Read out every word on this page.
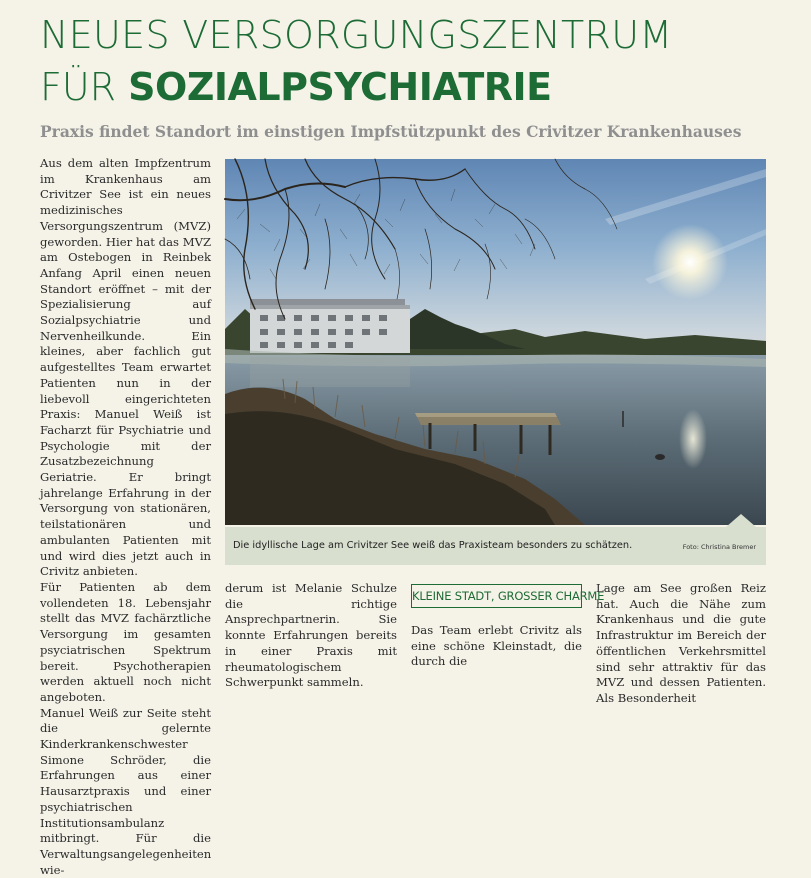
NEUES VERSORGUNGSZENTRUM
FÜR SOZIALPSYCHIATRIE
Praxis findet Standort im einstigen Impfstützpunkt des Crivitzer Krankenhauses

Aus dem alten Impfzentrum im Krankenhaus am Crivitzer See ist ein neues medizinisches Versorgungszentrum (MVZ) geworden. Hier hat das MVZ am Ostebogen in Reinbek Anfang April einen neuen Standort eröffnet – mit der Spezialisierung auf Sozialpsychiatrie und Nervenheilkunde. Ein kleines, aber fachlich gut aufgestelltes Team erwartet Patienten nun in der liebevoll eingerichteten Praxis: Manuel Weiß ist Facharzt für Psychiatrie und Psychologie mit der Zusatzbezeichnung Geriatrie. Er bringt jahrelange Erfahrung in der Versorgung von stationären, teilstationären und ambulanten Patienten mit und wird dies jetzt auch in Crivitz anbieten.

Für Patienten ab dem vollendeten 18. Lebensjahr stellt das MVZ fachärztliche Versorgung im gesamten psyciatrischen Spektrum bereit. Psychotherapien werden aktuell noch nicht angeboten.

Manuel Weiß zur Seite steht die gelernte Kinderkrankenschwester Simone Schröder, die Erfahrungen aus einer Hausarztpraxis und einer psychiatrischen Institutionsambulanz mitbringt. Für die Verwaltungsangelegenheiten wie-

Die idyllische Lage am Crivitzer See weiß das Praxisteam besonders zu schätzen.	Foto: Christina Bremer

derum ist Melanie Schulze die richtige Ansprechpartnerin. Sie konnte Erfahrungen bereits in einer Praxis mit rheumatologischem Schwerpunkt sammeln.

KLEINE STADT, GROSSER CHARME

Das Team erlebt Crivitz als eine schöne Kleinstadt, die durch die

Lage am See großen Reiz hat. Auch die Nähe zum Krankenhaus und die gute Infrastruktur im Bereich der öffentlichen Verkehrsmittel sind sehr attraktiv für das MVZ und dessen Patienten. Als Besonderheit
